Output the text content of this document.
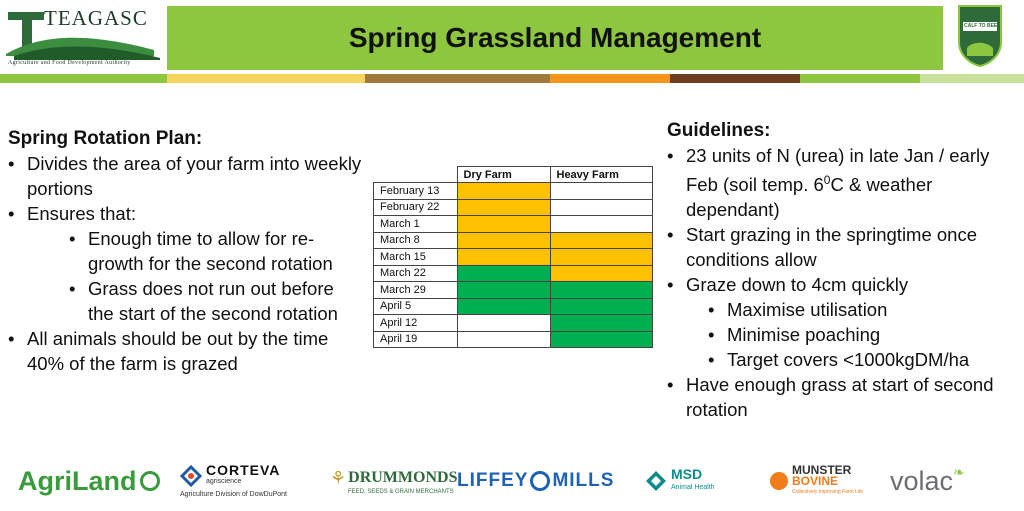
TEAGASC
Agriculture and Food Development Authority
Spring Grassland Management	CALF TO BEEF
Spring Rotation Plan:
• Divides the area of your farm into weekly portions
• Ensures that:
• Enough time to allow for re-growth for the second rotation
• Grass does not run out before the start of the second rotation
• All animals should be out by the time 40% of the farm is grazed
	Dry Farm	Heavy Farm
February 13		
February 22		
March 1		
March 8		
March 15		
March 22		
March 29		
April 5		
April 12		
April 19		
Guidelines:
• 23 units of N (urea) in late Jan / early Feb (soil temp. $6^0C$ & weather dependant)
• Start grazing in the springtime once conditions allow
• Graze down to 4cm quickly
• Maximise utilisation
• Minimise poaching
• Target covers <1000kgDM/ha
• Have enough grass at start of second rotation
AgriLand	CORTEVA
agriscience
Agriculture Division of DowDuPont
⚘ DRUMMONDS
FEED, SEEDS & GRAIN MERCHANTS
LIFFEY MILLS	MSD
Animal Health
MUNSTER
BOVINE
Collectively Improving Farm Life volac ❧
